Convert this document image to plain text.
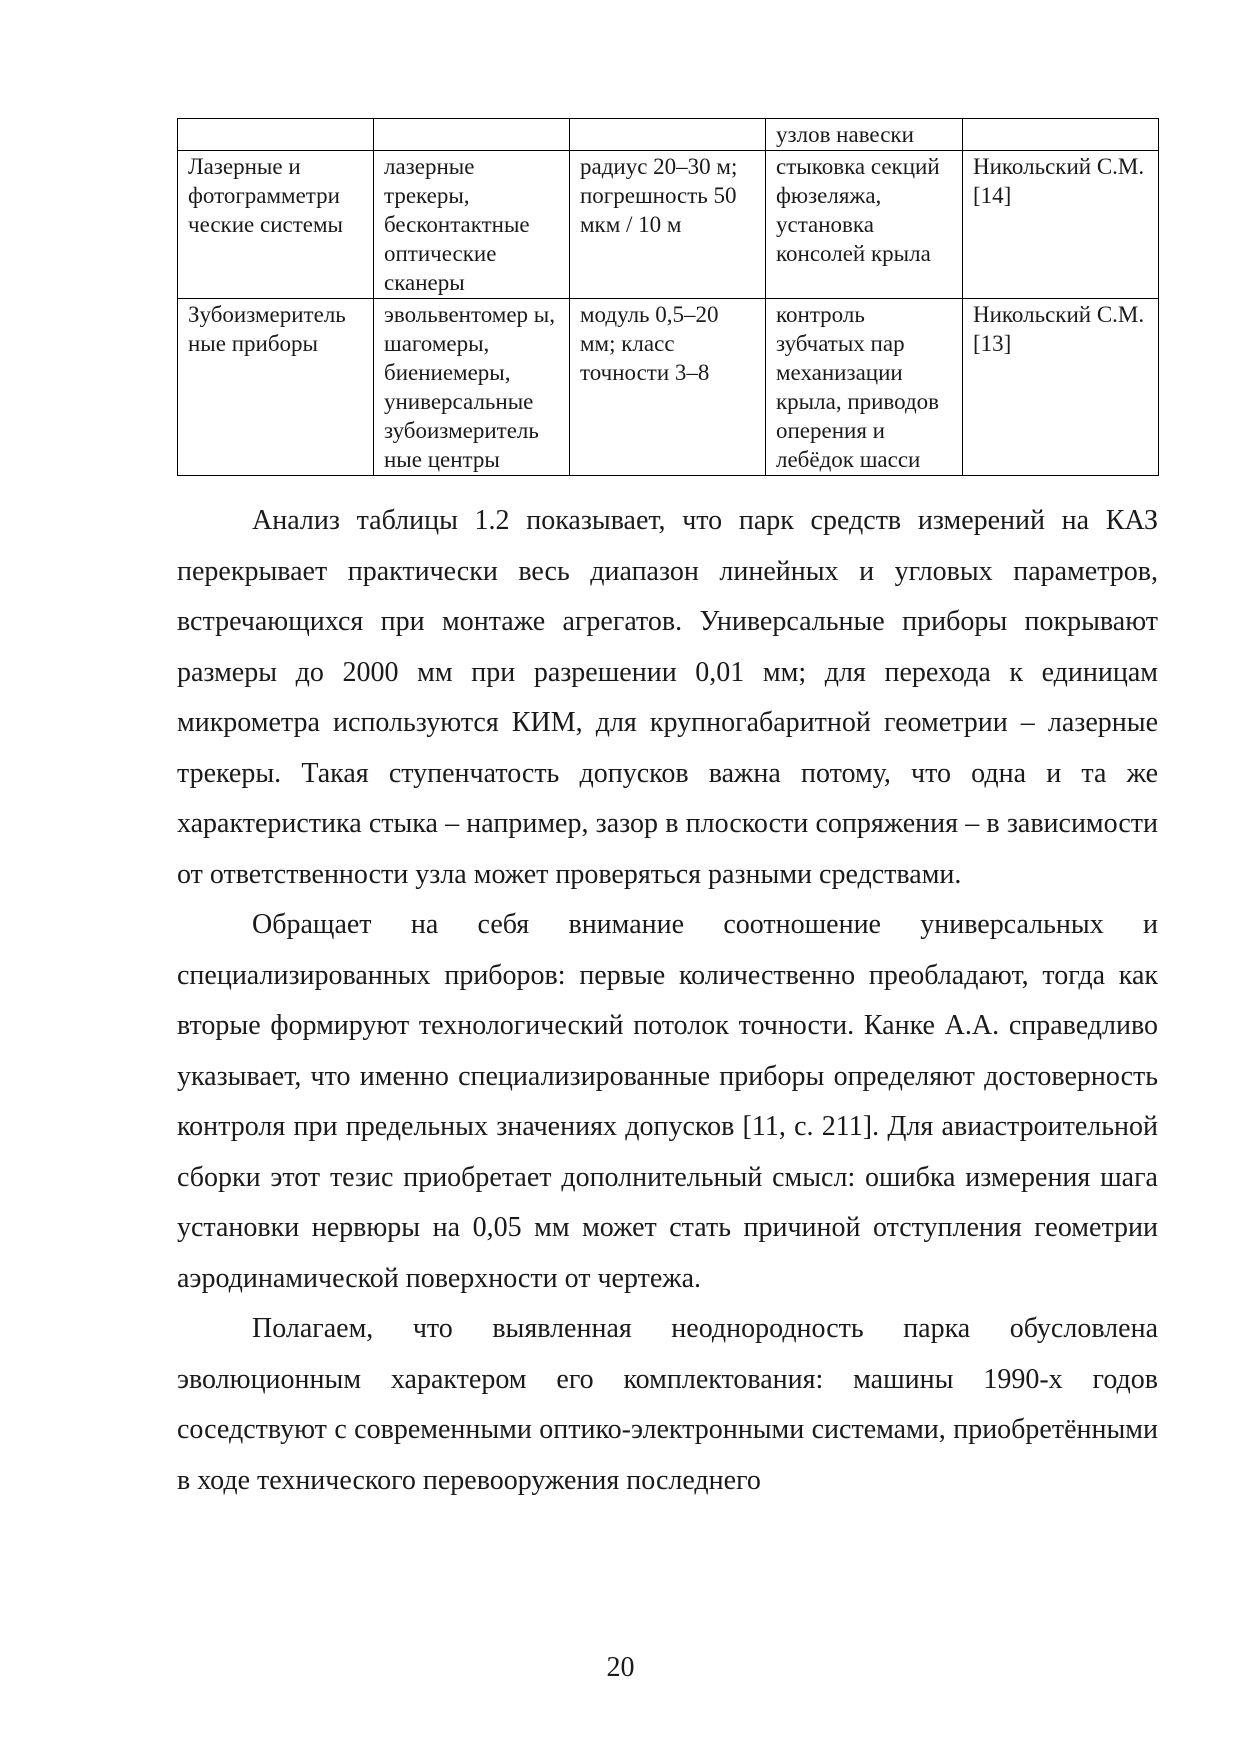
			узлов навески	
Лазерные и фотограмметри ческие системы	лазерные трекеры, бесконтактные оптические сканеры	радиус 20–30 м; погрешность 50 мкм / 10 м	стыковка секций фюзеляжа, установка консолей крыла	Никольский С.М. [14]
Зубоизмеритель ные приборы	эвольвентомер ы, шагомеры, биениемеры, универсальные зубоизмеритель ные центры	модуль 0,5–20 мм; класс точности 3–8	контроль зубчатых пар механизации крыла, приводов оперения и лебёдок шасси	Никольский С.М. [13]

Анализ таблицы 1.2 показывает, что парк средств измерений на КАЗ перекрывает практически весь диапазон линейных и угловых параметров, встречающихся при монтаже агрегатов. Универсальные приборы покрывают размеры до 2000 мм при разрешении 0,01 мм; для перехода к единицам микрометра используются КИМ, для крупногабаритной геометрии – лазерные трекеры. Такая ступенчатость допусков важна потому, что одна и та же характеристика стыка – например, зазор в плоскости сопряжения – в зависимости от ответственности узла может проверяться разными средствами.

Обращает на себя внимание соотношение универсальных и специализированных приборов: первые количественно преобладают, тогда как вторые формируют технологический потолок точности. Канке А.А. справедливо указывает, что именно специализированные приборы определяют достоверность контроля при предельных значениях допусков [11, с. 211]. Для авиастроительной сборки этот тезис приобретает дополнительный смысл: ошибка измерения шага установки нервюры на 0,05 мм может стать причиной отступления геометрии аэродинамической поверхности от чертежа.

Полагаем, что выявленная неоднородность парка обусловлена эволюционным характером его комплектования: машины 1990-х годов соседствуют с современными оптико-электронными системами, приобретёнными в ходе технического перевооружения последнего

20
